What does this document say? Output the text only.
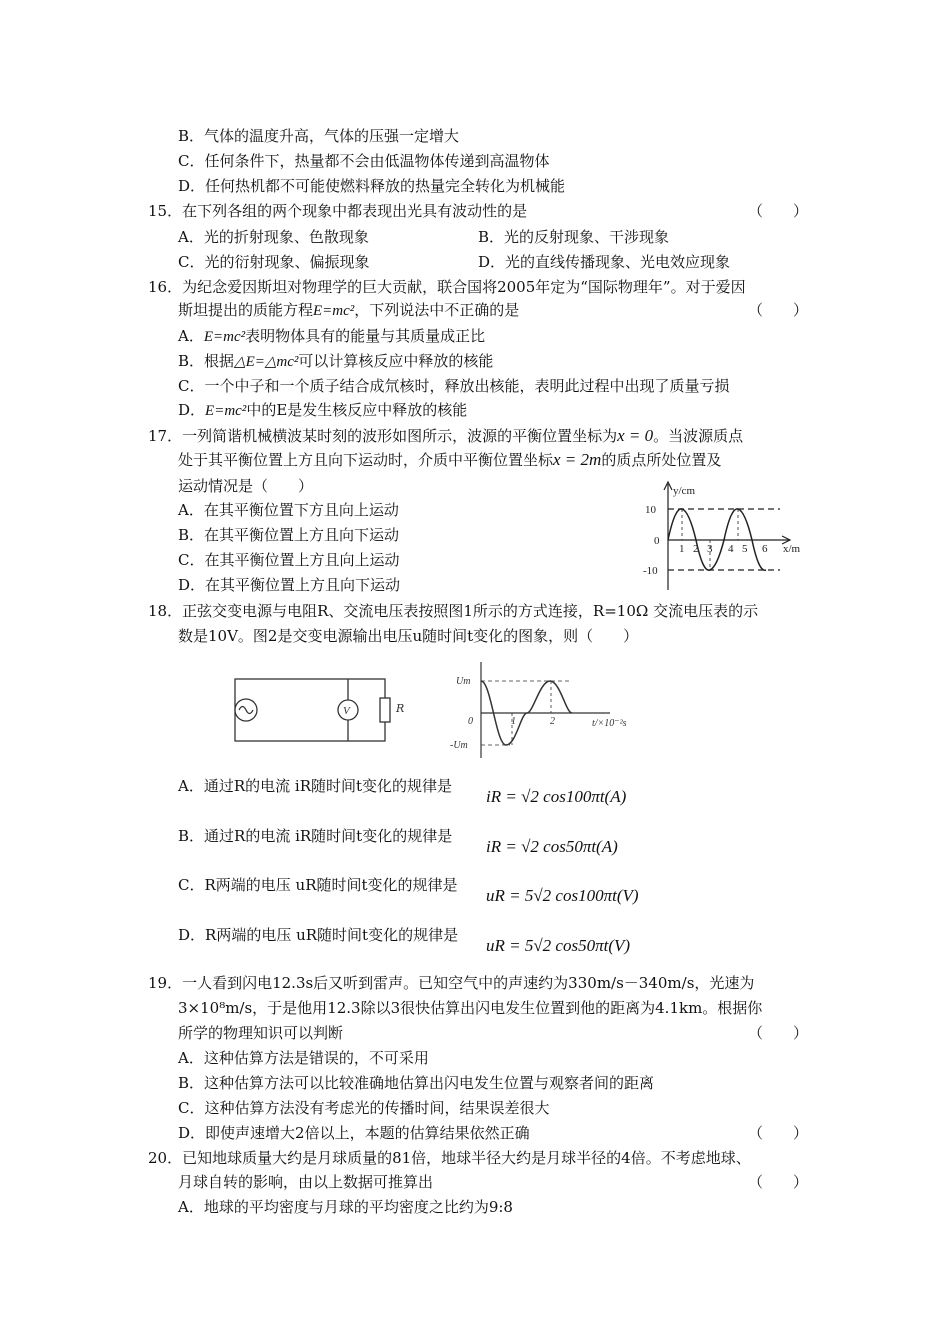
B．气体的温度升高，气体的压强一定增大
C．任何条件下，热量都不会由低温物体传递到高温物体
D．任何热机都不可能使燃料释放的热量完全转化为机械能
15．在下列各组的两个现象中都表现出光具有波动性的是	（　　）
A．光的折射现象、色散现象	B．光的反射现象、干涉现象
C．光的衍射现象、偏振现象	D．光的直线传播现象、光电效应现象
16．为纪念爱因斯坦对物理学的巨大贡献，联合国将2005年定为“国际物理年”。对于爱因
斯坦提出的质能方程E=mc²，下列说法中不正确的是	（　　）
A．E=mc²表明物体具有的能量与其质量成正比
B．根据△E=△mc²可以计算核反应中释放的核能
C．一个中子和一个质子结合成氘核时，释放出核能，表明此过程中出现了质量亏损
D．E=mc²中的E是发生核反应中释放的核能
17．一列简谐机械横波某时刻的波形如图所示，波源的平衡位置坐标为x = 0。当波源质点
处于其平衡位置上方且向下运动时，介质中平衡位置坐标x = 2m的质点所处位置及
运动情况是（　　）
A．在其平衡位置下方且向上运动
B．在其平衡位置上方且向下运动
C．在其平衡位置上方且向上运动
D．在其平衡位置上方且向下运动
y/cm
10
0
-10
1 2 3 4 5 6 x/m
18．正弦交变电源与电阻R、交流电压表按照图1所示的方式连接，R=10Ω 交流电压表的示
数是10V。图2是交变电源输出电压u随时间t变化的图象，则（　　）
V	R
Um
0
-Um
1	2	t/×10⁻²s
A．通过R的电流 iR随时间t变化的规律是
iR = √2 cos100πt(A)
B．通过R的电流 iR随时间t变化的规律是
iR = √2 cos50πt(A)
C．R两端的电压 uR随时间t变化的规律是
uR = 5√2 cos100πt(V)
D．R两端的电压 uR随时间t变化的规律是
uR = 5√2 cos50πt(V)
19．一人看到闪电12.3s后又听到雷声。已知空气中的声速约为330m/s－340m/s，光速为
3×10⁸m/s，于是他用12.3除以3很快估算出闪电发生位置到他的距离为4.1km。根据你
所学的物理知识可以判断	（　　）
A．这种估算方法是错误的，不可采用
B．这种估算方法可以比较准确地估算出闪电发生位置与观察者间的距离
C．这种估算方法没有考虑光的传播时间，结果误差很大
D．即使声速增大2倍以上，本题的估算结果依然正确	（　　）
20．已知地球质量大约是月球质量的81倍，地球半径大约是月球半径的4倍。不考虑地球、
月球自转的影响，由以上数据可推算出	（　　）
A．地球的平均密度与月球的平均密度之比约为9:8
